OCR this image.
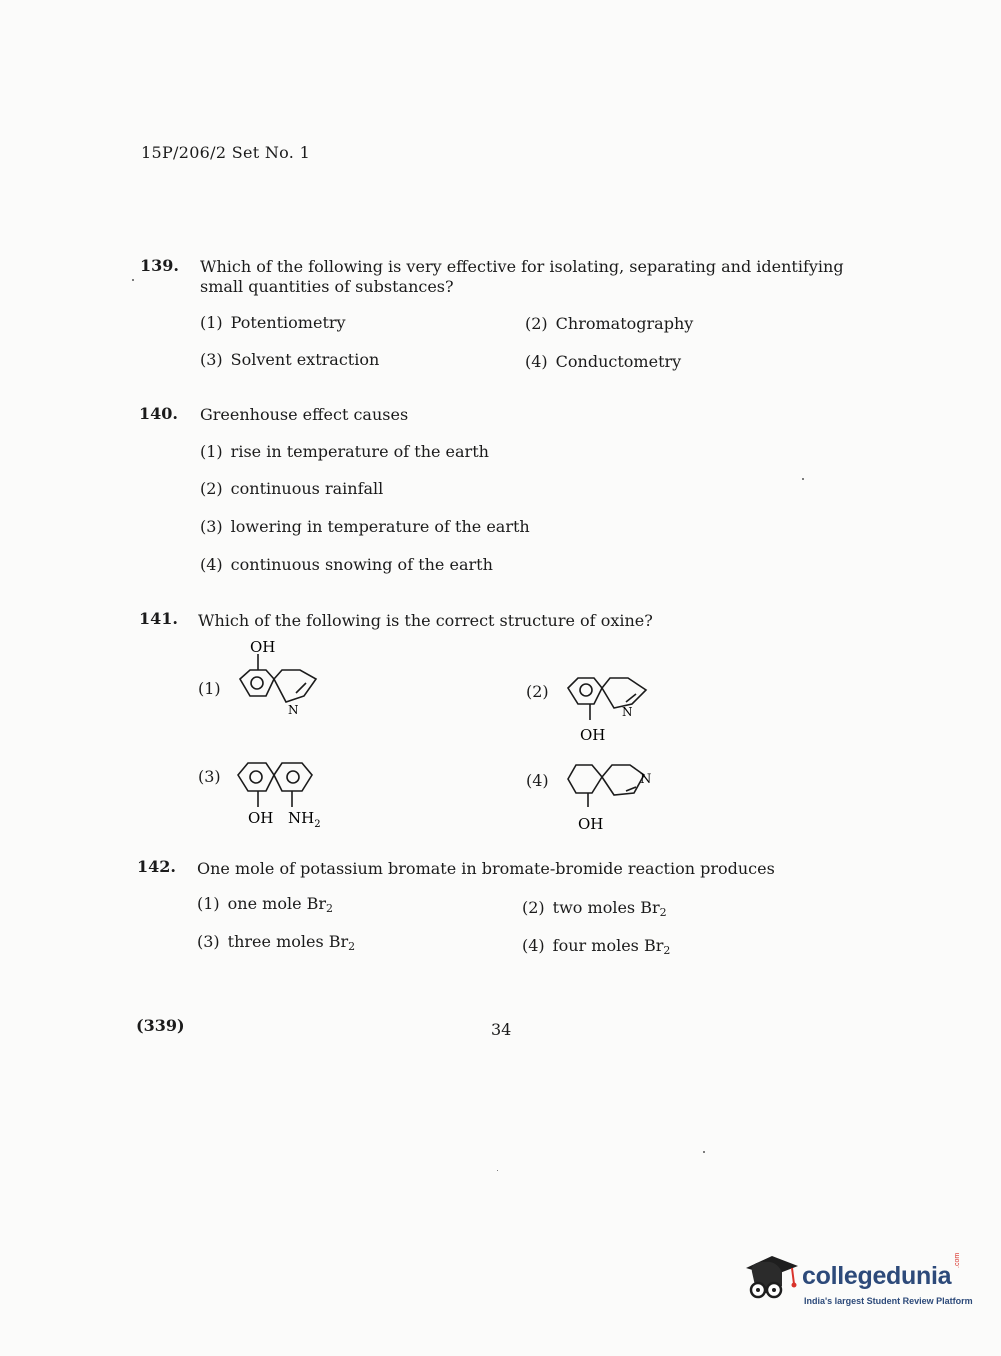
15P/206/2 Set No. 1
139. Which of the following is very effective for isolating, separating and identifying
small quantities of substances?
(1) Potentiometry	(2) Chromatography
(3) Solvent extraction	(4) Conductometry
140. Greenhouse effect causes
(1) rise in temperature of the earth
(2) continuous rainfall
(3) lowering in temperature of the earth
(4) continuous snowing of the earth
141. Which of the following is the correct structure of oxine?
(1)
OH
N
(2)
N
OH
(3)
OH $NH_2$
(4)	N
OH
142. One mole of potassium bromate in bromate-bromide reaction produces
(1) one mole $Br_2$	(2) two moles $Br_2$
(3) three moles $Br_2$	(4) four moles $Br_2$
(339)	34
collegedunia
.com
India's largest Student Review Platform
